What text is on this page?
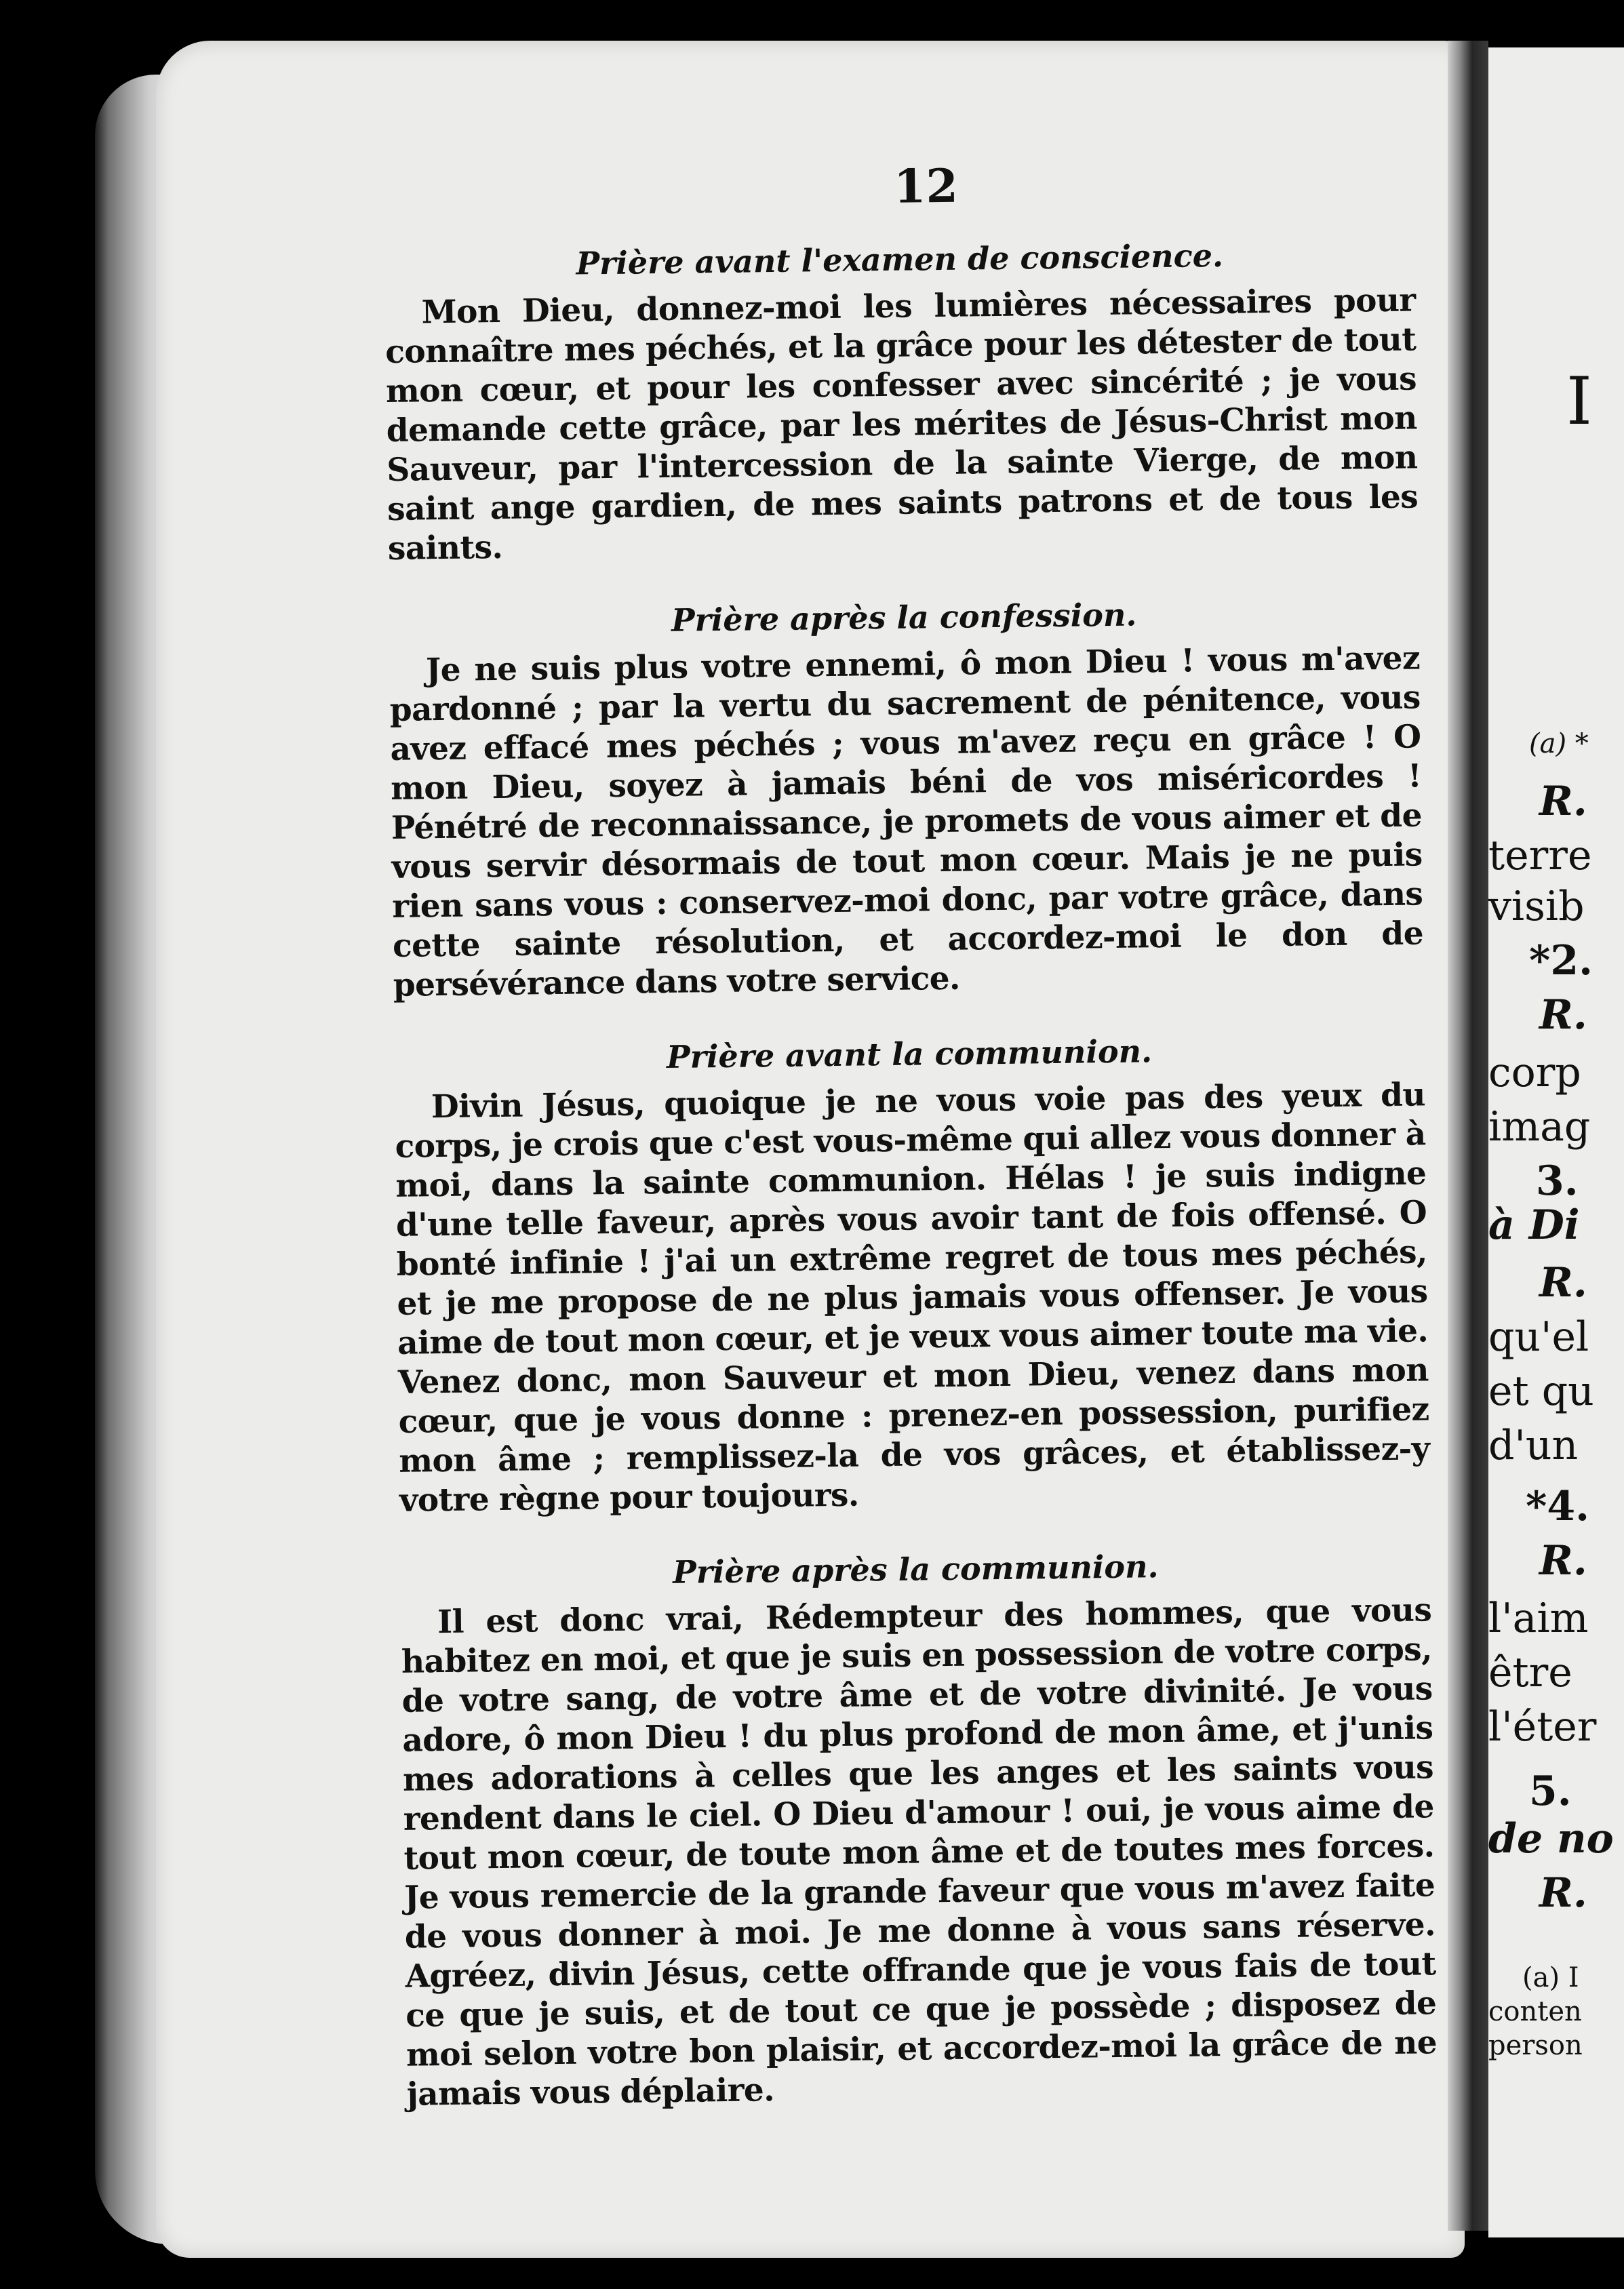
12
Prière avant l'examen de conscience.
Mon Dieu, donnez-moi les lumières nécessaires pour connaître mes péchés, et la grâce pour les détester de tout mon cœur, et pour les confesser avec sincérité ; je vous demande cette grâce, par les mérites de Jésus-Christ mon Sauveur, par l'intercession de la sainte Vierge, de mon saint ange gardien, de mes saints patrons et de tous les saints.
Prière après la confession.
Je ne suis plus votre ennemi, ô mon Dieu ! vous m'avez pardonné ; par la vertu du sacrement de pénitence, vous avez effacé mes péchés ; vous m'avez reçu en grâce ! O mon Dieu, soyez à jamais béni de vos miséricordes ! Pénétré de reconnaissance, je promets de vous aimer et de vous servir désormais de tout mon cœur. Mais je ne puis rien sans vous : conservez-moi donc, par votre grâce, dans cette sainte résolution, et accordez-moi le don de persévérance dans votre service.
Prière avant la communion.
Divin Jésus, quoique je ne vous voie pas des yeux du corps, je crois que c'est vous-même qui allez vous donner à moi, dans la sainte communion. Hélas ! je suis indigne d'une telle faveur, après vous avoir tant de fois offensé. O bonté infinie ! j'ai un extrême regret de tous mes péchés, et je me propose de ne plus jamais vous offenser. Je vous aime de tout mon cœur, et je veux vous aimer toute ma vie. Venez donc, mon Sauveur et mon Dieu, venez dans mon cœur, que je vous donne : prenez-en possession, purifiez mon âme ; remplissez-la de vos grâces, et établissez-y votre règne pour toujours.
Prière après la communion.
Il est donc vrai, Rédempteur des hommes, que vous habitez en moi, et que je suis en possession de votre corps, de votre sang, de votre âme et de votre divinité. Je vous adore, ô mon Dieu ! du plus profond de mon âme, et j'unis mes adorations à celles que les anges et les saints vous rendent dans le ciel. O Dieu d'amour ! oui, je vous aime de tout mon cœur, de toute mon âme et de toutes mes forces. Je vous remercie de la grande faveur que vous m'avez faite de vous donner à moi. Je me donne à vous sans réserve. Agréez, divin Jésus, cette offrande que je vous fais de tout ce que je suis, et de tout ce que je possède ; disposez de moi selon votre bon plaisir, et accordez-moi la grâce de ne jamais vous déplaire.
I
(a) *
R.
terre
visib
*2.
R.
corp
imag
3.
à Di
R.
qu'el
et qu
d'un
*4.
R.
l'aim
être
l'éter
5.
de no
R.
(a) I
conten
person
